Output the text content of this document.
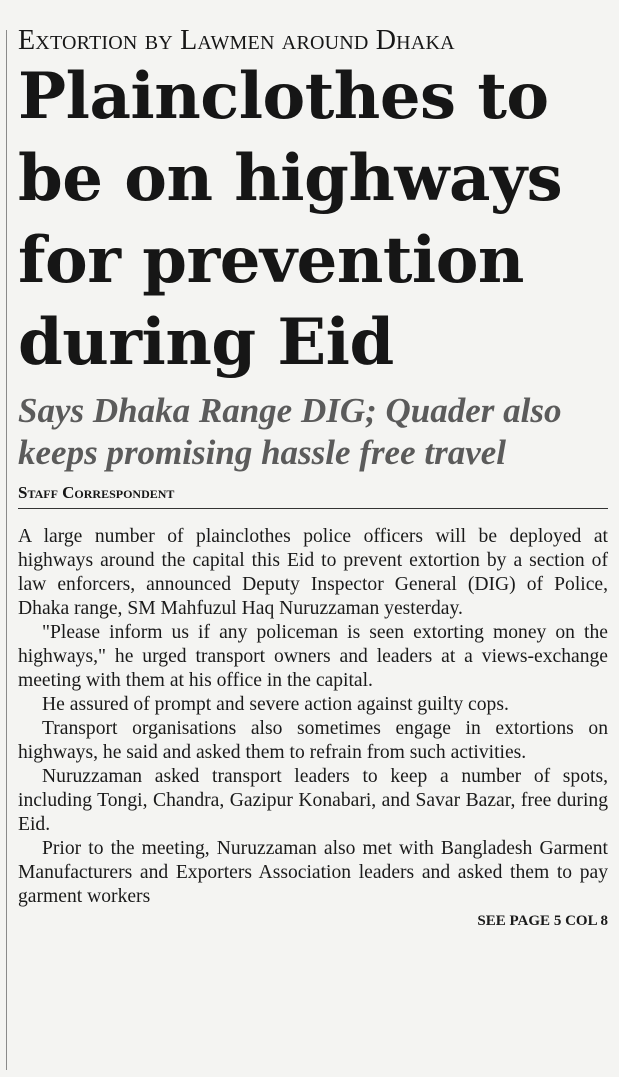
Extortion by Lawmen around Dhaka
Plainclothes to
be on highways
for prevention
during Eid
Says Dhaka Range DIG; Quader also
keeps promising hassle free travel
Staff Correspondent

A large number of plainclothes police officers will be deployed at highways around the capital this Eid to prevent extortion by a section of law enforcers, announced Deputy Inspector General (DIG) of Police, Dhaka range, SM Mahfuzul Haq Nuruzzaman yesterday.

"Please inform us if any policeman is seen extorting money on the highways," he urged transport owners and leaders at a views-exchange meeting with them at his office in the capital.

He assured of prompt and severe action against guilty cops.

Transport organisations also sometimes engage in extortions on highways, he said and asked them to refrain from such activities.

Nuruzzaman asked transport leaders to keep a number of spots, including Tongi, Chandra, Gazipur Konabari, and Savar Bazar, free during Eid.

Prior to the meeting, Nuruzzaman also met with Bangladesh Garment Manufacturers and Exporters Association leaders and asked them to pay garment workers

SEE PAGE 5 COL 8
